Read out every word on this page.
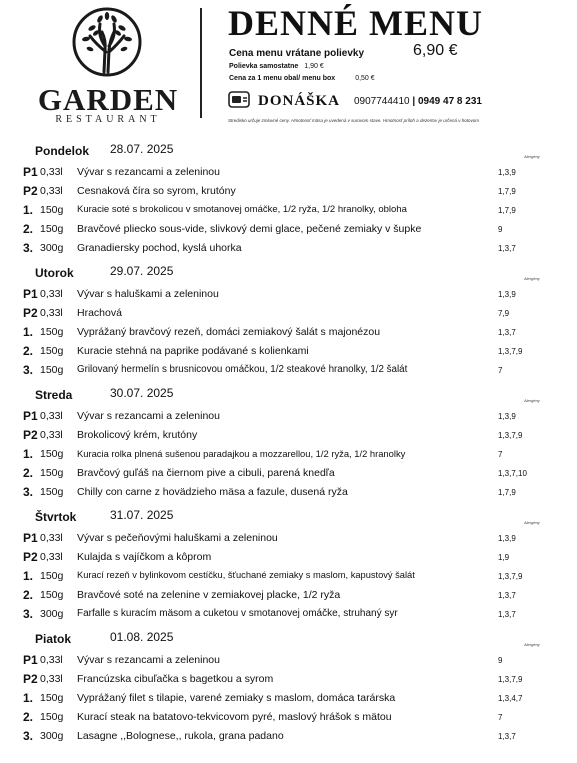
GARDEN
RESTAURANT
DENNÉ MENU
Cena menu vrátane polievky	6,90 €
Polievka samostatne 1,90 €
Cena za 1 menu obal/ menu box	0,50 €
DONÁŠKA 0907744410 | 0949 47 8 231
Stredisko určuje zmluvné ceny. Hmotnosť mäsa je uvedená v surovom stave. Hmotnosť príloh a dezertov je určená v hotovom
Pondelok 28.07. 2025
Alergény
P1 0,33l Vývar s rezancami a zeleninou	1,3,9
P2 0,33l Cesnaková číra so syrom, krutóny	1,7,9
1. 150g Kuracie soté s brokolicou v smotanovej omáčke, 1/2 ryža, 1/2 hranolky, obloha	1,7,9
2. 150g Bravčové pliecko sous-vide, slivkový demi glace, pečené zemiaky v šupke	9
3. 300g Granadiersky pochod, kyslá uhorka	1,3,7
Utorok	29.07. 2025
Alergény
P1 0,33l Vývar s haluškami a zeleninou	1,3,9
P2 0,33l Hrachová	7,9
1. 150g Vyprážaný bravčový rezeň, domáci zemiakový šalát s majonézou	1,3,7
2. 150g Kuracie stehná na paprike podávané s kolienkami	1,3,7,9
3. 150g Grilovaný hermelín s brusnicovou omáčkou, 1/2 steakové hranolky, 1/2 šalát	7
Streda	30.07. 2025
Alergény
P1 0,33l Vývar s rezancami a zeleninou	1,3,9
P2 0,33l Brokolicový krém, krutóny	1,3,7,9
1. 150g Kuracia rolka plnená sušenou paradajkou a mozzarellou, 1/2 ryža, 1/2 hranolky	7
2. 150g Bravčový guľáš na čiernom pive a cibuli, parená knedľa	1,3,7,10
3. 150g Chilly con carne z hovädzieho mäsa a fazule, dusená ryža	1,7,9
Štvrtok	31.07. 2025
Alergény
P1 0,33l Vývar s pečeňovými haluškami a zeleninou	1,3,9
P2 0,33l Kulajda s vajíčkom a kôprom	1,9
1. 150g Kurací rezeň v bylinkovom cestíčku, šťuchané zemiaky s maslom, kapustový šalát	1,3,7,9
2. 150g Bravčové soté na zelenine v zemiakovej placke, 1/2 ryža	1,3,7
3. 300g Farfalle s kuracím mäsom a cuketou v smotanovej omáčke, struhaný syr	1,3,7
Piatok	01.08. 2025
Alergény
P1 0,33l Vývar s rezancami a zeleninou	9
P2 0,33l Francúzska cibuľačka s bagetkou a syrom	1,3,7,9
1. 150g Vyprážaný filet s tilapie, varené zemiaky s maslom, domáca tarárska	1,3,4,7
2. 150g Kurací steak na batatovo-tekvicovom pyré, maslový hrášok s mätou	7
3. 300g Lasagne ,,Bolognese,, rukola, grana padano	1,3,7
